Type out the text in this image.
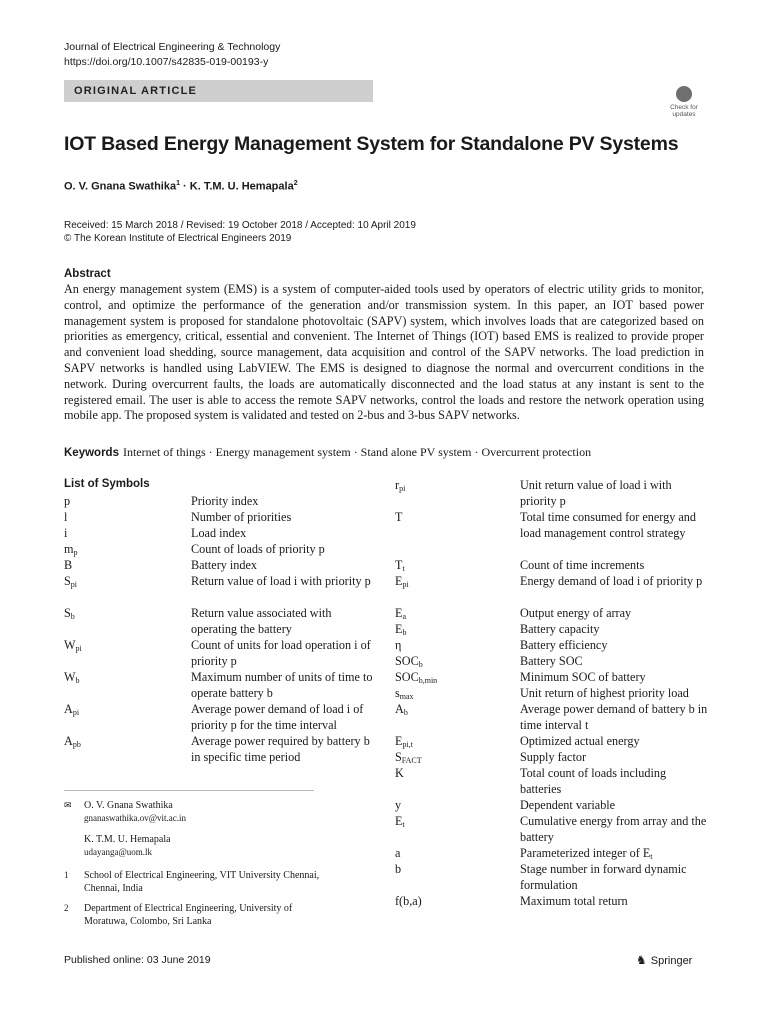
Journal of Electrical Engineering & Technology
https://doi.org/10.1007/s42835-019-00193-y
ORIGINAL ARTICLE
Check for
updates
IOT Based Energy Management System for Standalone PV Systems
O. V. Gnana Swathika$^1$ · K. T.M. U. Hemapala$^2$
Received: 15 March 2018 / Revised: 19 October 2018 / Accepted: 10 April 2019
© The Korean Institute of Electrical Engineers 2019
Abstract
An energy management system (EMS) is a system of computer-aided tools used by operators of electric utility grids to monitor, control, and optimize the performance of the generation and/or transmission system. In this paper, an IOT based power management system is proposed for standalone photovoltaic (SAPV) system, which involves loads that are categorized based on priorities as emergency, critical, essential and convenient. The Internet of Things (IOT) based EMS is realized to provide proper and convenient load shedding, source management, data acquisition and control of the SAPV networks. The load prediction in SAPV networks is handled using LabVIEW. The EMS is designed to diagnose the normal and overcurrent conditions in the network. During overcurrent faults, the loads are automatically disconnected and the load status at any instant is sent to the registered email. The user is able to access the remote SAPV networks, control the loads and restore the network operation using mobile app. The proposed system is validated and tested on 2-bus and 3-bus SAPV networks.
Keywords Internet of things · Energy management system · Stand alone PV system · Overcurrent protection
List of Symbols
p	Priority index
l	Number of priorities
i	Load index
$m_p$	Count of loads of priority p
B	Battery index
$S_{pi}$	Return value of load i with priority p
$S_b$	Return value associated with operating the battery
$W_{pi}$	Count of units for load operation i of priority p
$W_b$	Maximum number of units of time to operate battery b
$A_{pi}$	Average power demand of load i of priority p for the time interval
$A_{pb}$	Average power required by battery b in specific time period
$r_{pi}$	Unit return value of load i with priority p
T	Total time consumed for energy and load management control strategy
$T_t$	Count of time increments
$E_{pi}$	Energy demand of load i of priority p
$E_a$	Output energy of array
$E_b$	Battery capacity
η	Battery efficiency
$SOC_b$	Battery SOC
$SOC_{b,min}$	Minimum SOC of battery
$s_{max}$	Unit return of highest priority load
$A_b$	Average power demand of battery b in time interval t
$E_{pi,t}$	Optimized actual energy
$S_{FACT}$	Supply factor
K	Total count of loads including batteries
y	Dependent variable
$E_t$	Cumulative energy from array and the battery
a	Parameterized integer of $E_t$
b	Stage number in forward dynamic formulation
f(b,a)	Maximum total return
✉ O. V. Gnana Swathika
gnanaswathika.ov@vit.ac.in
K. T.M. U. Hemapala
udayanga@uom.lk
1 School of Electrical Engineering, VIT University Chennai, Chennai, India
2 Department of Electrical Engineering, University of Moratuwa, Colombo, Sri Lanka
Published online: 03 June 2019	♞ Springer
